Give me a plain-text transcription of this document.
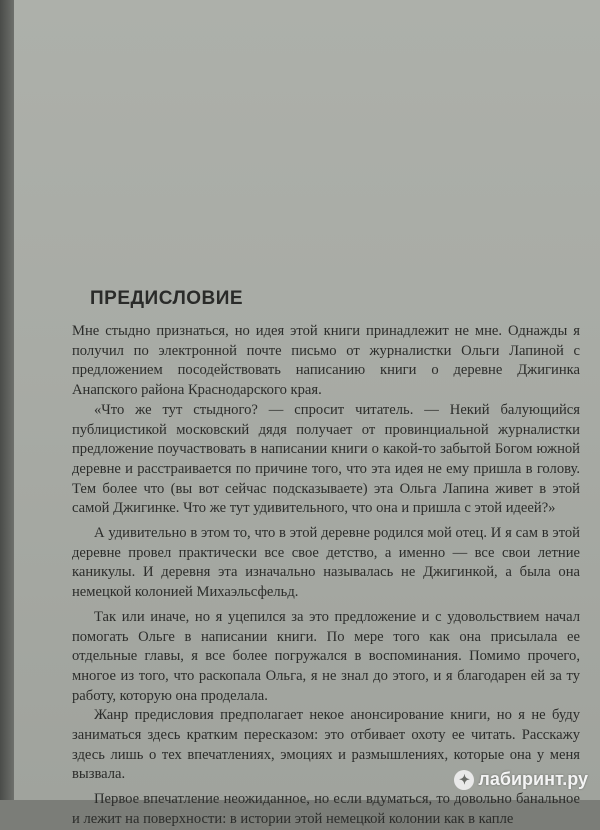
ПРЕДИСЛОВИЕ

Мне стыдно признаться, но идея этой книги принадлежит не мне. Однажды я получил по электронной почте письмо от журналистки Ольги Лапиной с предложением посодействовать написанию книги о деревне Джигинка Анапского района Краснодарского края.

«Что же тут стыдного? — спросит читатель. — Некий балующийся публицистикой московский дядя получает от провинциальной журналистки предложение поучаствовать в написании книги о какой-то забытой Богом южной деревне и расстраивается по причине того, что эта идея не ему пришла в голову. Тем более что (вы вот сейчас подсказываете) эта Ольга Лапина живет в этой самой Джигинке. Что же тут удивительного, что она и пришла с этой идеей?»

А удивительно в этом то, что в этой деревне родился мой отец. И я сам в этой деревне провел практически все свое детство, а именно — все свои летние каникулы. И деревня эта изначально называлась не Джигинкой, а была она немецкой колонией Михаэльсфельд.

Так или иначе, но я уцепился за это предложение и с удовольствием начал помогать Ольге в написании книги. По мере того как она присылала ее отдельные главы, я все более погружался в воспоминания. Помимо прочего, многое из того, что раскопала Ольга, я не знал до этого, и я благодарен ей за ту работу, которую она проделала.

Жанр предисловия предполагает некое анонсирование книги, но я не буду заниматься здесь кратким пересказом: это отбивает охоту ее читать. Расскажу здесь лишь о тех впечатлениях, эмоциях и размышлениях, которые она у меня вызвала.

Первое впечатление неожиданное, но если вдуматься, то довольно банальное и лежит на поверхности: в истории этой немецкой колонии как в капле

✦ лабиринт.ру
